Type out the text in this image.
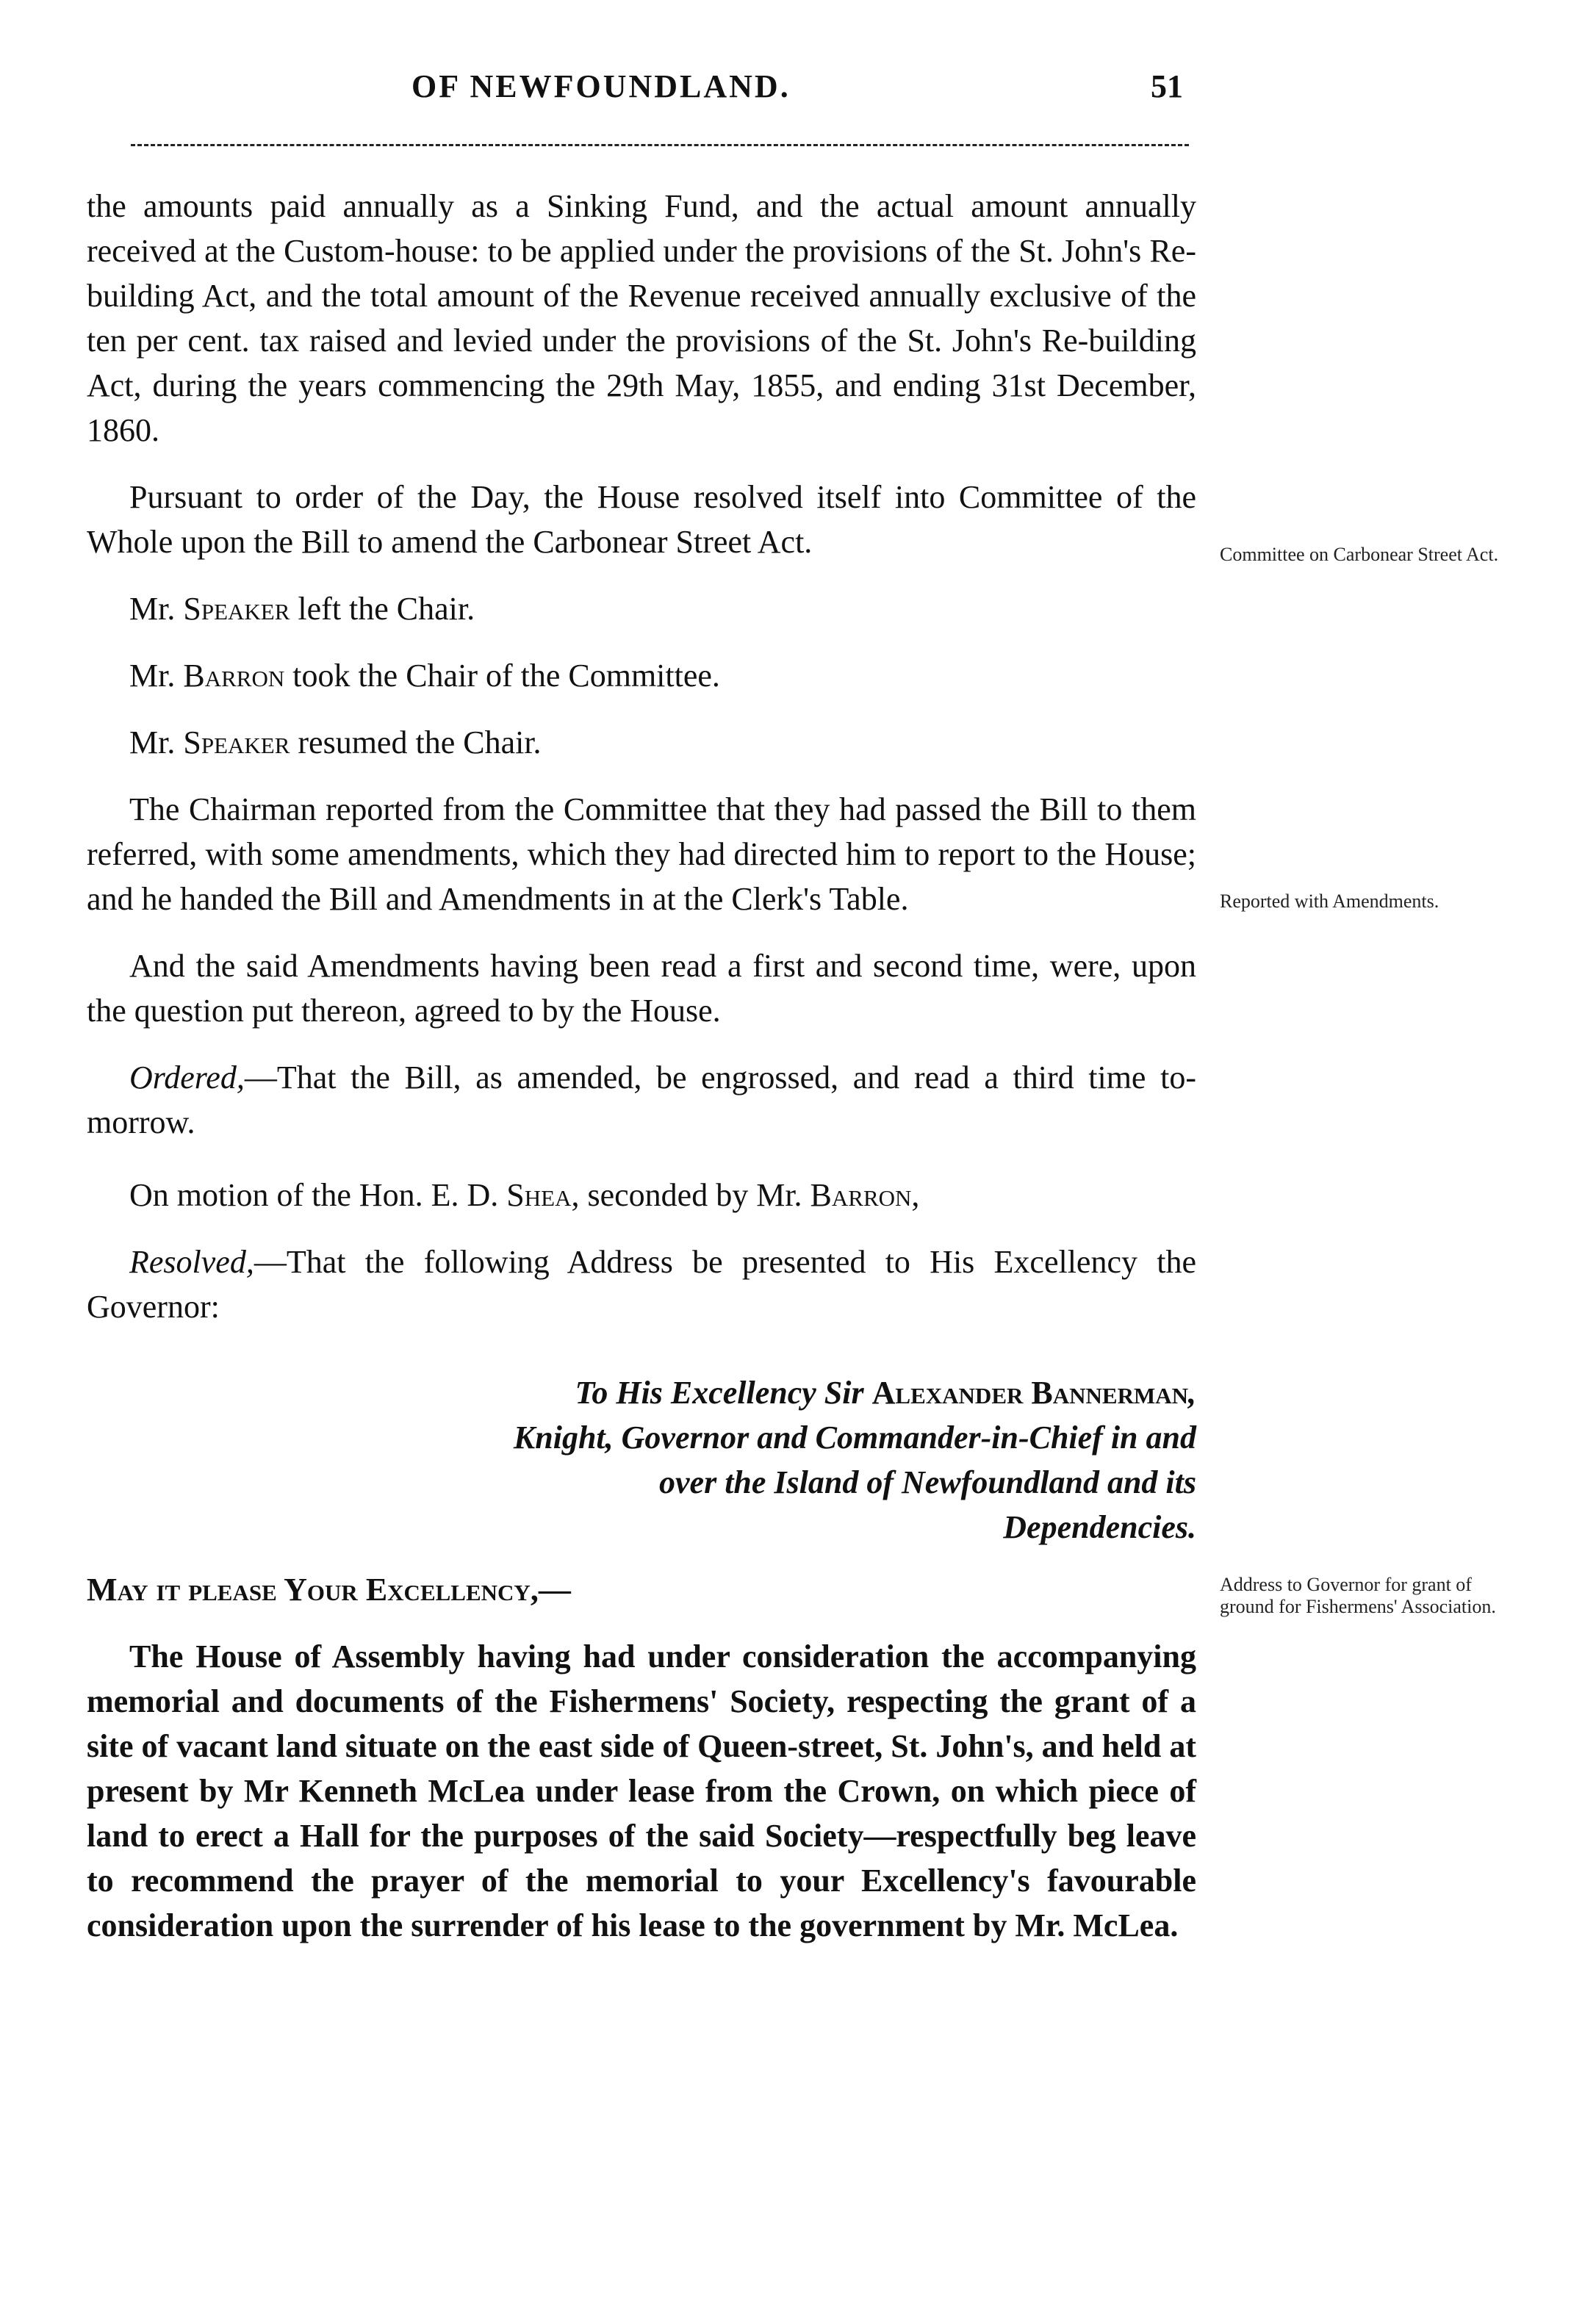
OF NEWFOUNDLAND.	51

the amounts paid annually as a Sinking Fund, and the actual amount annually received at the Custom-house: to be applied under the provisions of the St. John's Re-building Act, and the total amount of the Revenue received annually exclusive of the ten per cent. tax raised and levied under the provisions of the St. John's Re-building Act, during the years commencing the 29th May, 1855, and ending 31st December, 1860.

Pursuant to order of the Day, the House resolved itself into Committee of the Whole upon the Bill to amend the Carbonear Street Act.

Mr. Speaker left the Chair.

Mr. Barron took the Chair of the Committee.

Mr. Speaker resumed the Chair.

The Chairman reported from the Committee that they had passed the Bill to them referred, with some amendments, which they had directed him to report to the House; and he handed the Bill and Amendments in at the Clerk's Table.

And the said Amendments having been read a first and second time, were, upon the question put thereon, agreed to by the House.

Ordered,—That the Bill, as amended, be engrossed, and read a third time to-morrow.

On motion of the Hon. E. D. Shea, seconded by Mr. Barron,

Resolved,—That the following Address be presented to His Excellency the Governor:

To His Excellency Sir Alexander Bannerman, Knight, Governor and Commander-in-Chief in and over the Island of Newfoundland and its Dependencies.

May it please Your Excellency,—

The House of Assembly having had under consideration the accompanying memorial and documents of the Fishermens' Society, respecting the grant of a site of vacant land situate on the east side of Queen-street, St. John's, and held at present by Mr Kenneth McLea under lease from the Crown, on which piece of land to erect a Hall for the purposes of the said Society—respectfully beg leave to recommend the prayer of the memorial to your Excellency's favourable consideration upon the surrender of his lease to the government by Mr. McLea.

Committee on Carbonear Street Act.
Reported with Amendments.
Address to Governor for grant of ground for Fishermens' Association.
